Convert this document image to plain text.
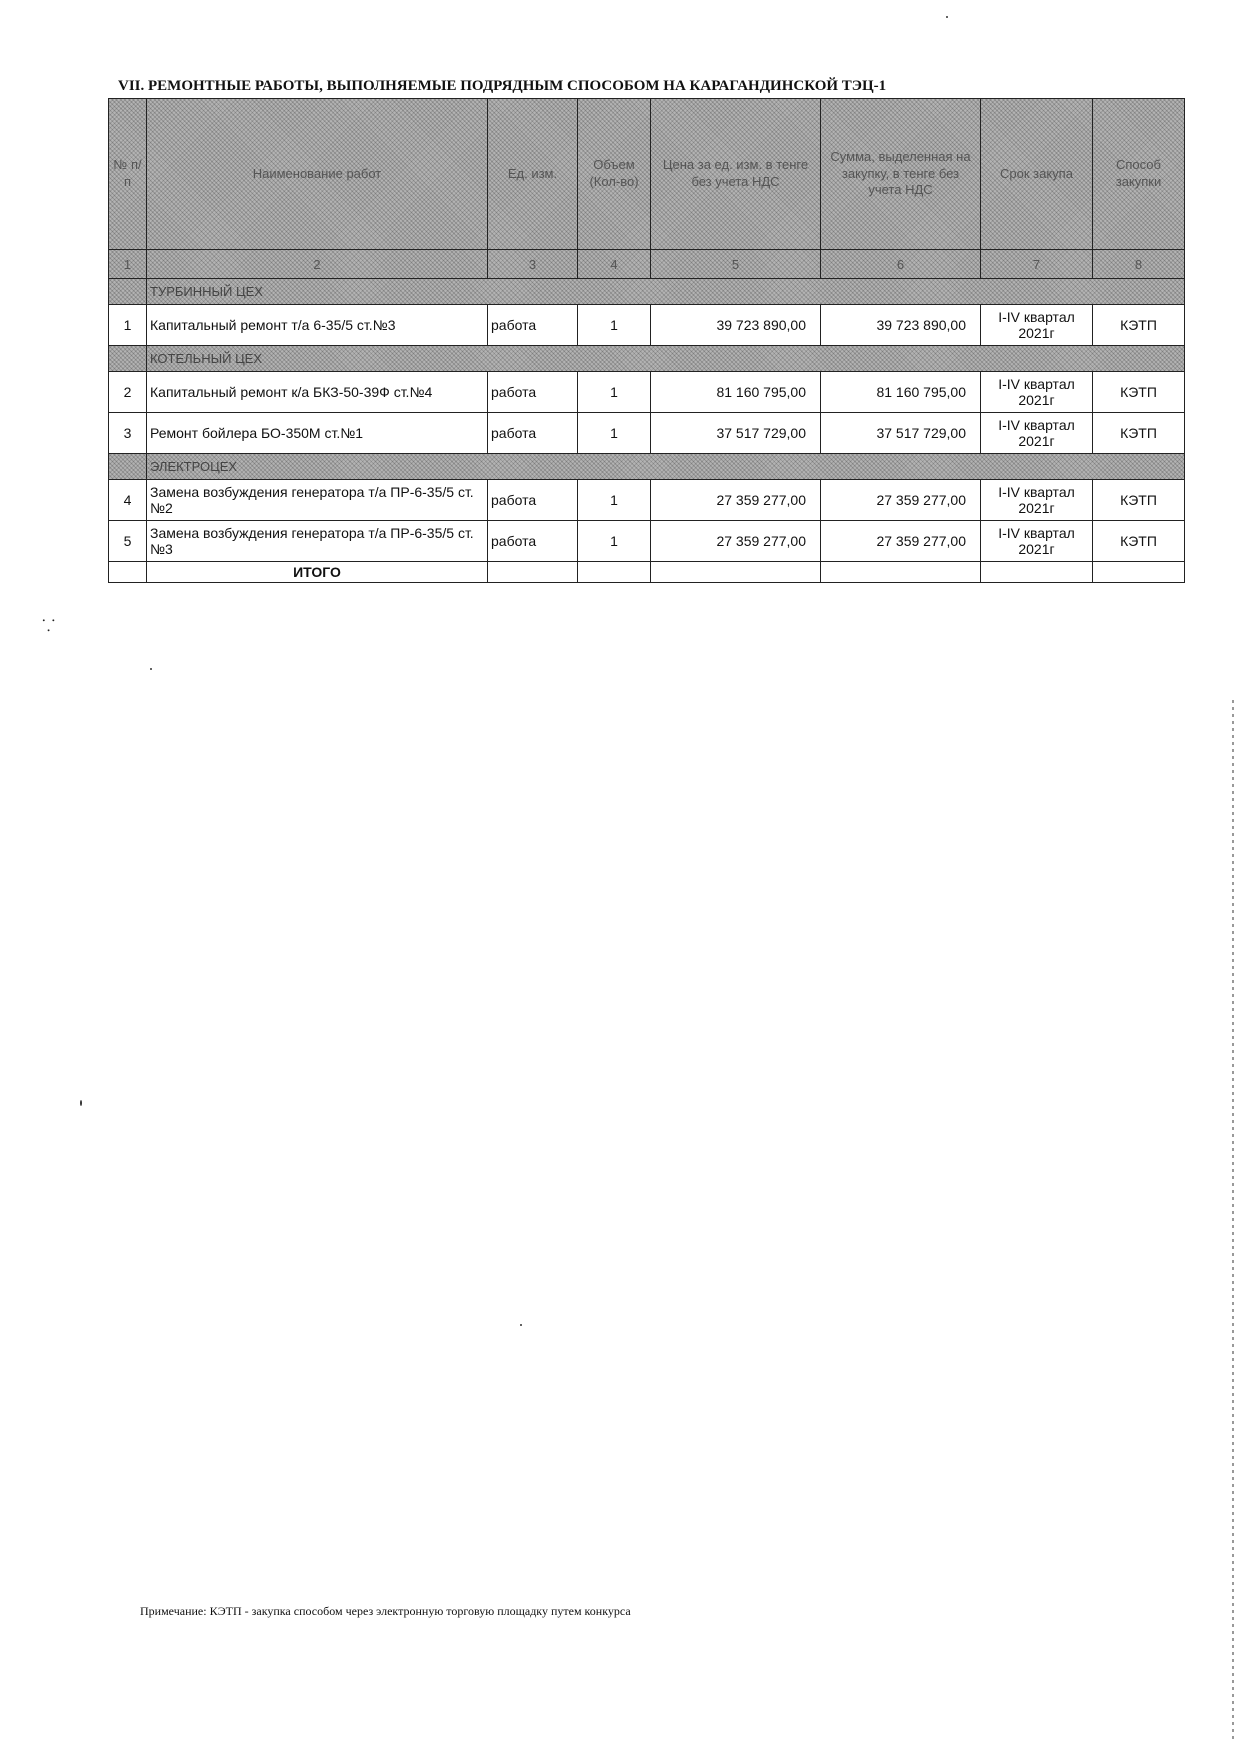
VII. РЕМОНТНЫЕ РАБОТЫ, ВЫПОЛНЯЕМЫЕ ПОДРЯДНЫМ СПОСОБОМ НА КАРАГАНДИНСКОЙ ТЭЦ-1
№ п/п	Наименование работ	Ед. изм.	Объем (Кол-во)	Цена за ед. изм. в тенге без учета НДС	Сумма, выделенная на закупку, в тенге без учета НДС	Срок закупа	Способ закупки
1	2	3	4	5	6	7	8
	ТУРБИННЫЙ ЦЕХ						
1	Капитальный ремонт т/а 6-35/5 ст.№3	работа	1	39 723 890,00	39 723 890,00	I-IV квартал 2021г	КЭТП
	КОТЕЛЬНЫЙ ЦЕХ						
2	Капитальный ремонт к/а БКЗ-50-39Ф ст.№4	работа	1	81 160 795,00	81 160 795,00	I-IV квартал 2021г	КЭТП
3	Ремонт бойлера БО-350М ст.№1	работа	1	37 517 729,00	37 517 729,00	I-IV квартал 2021г	КЭТП
	ЭЛЕКТРОЦЕХ						
4	Замена возбуждения генератора т/а ПР-6-35/5 ст.№2	работа	1	27 359 277,00	27 359 277,00	I-IV квартал 2021г	КЭТП
5	Замена возбуждения генератора т/а ПР-6-35/5 ст.№3	работа	1	27 359 277,00	27 359 277,00	I-IV квартал 2021г	КЭТП
	ИТОГО						
⸪
Примечание: КЭТП - закупка способом через электронную торговую площадку путем конкурса
